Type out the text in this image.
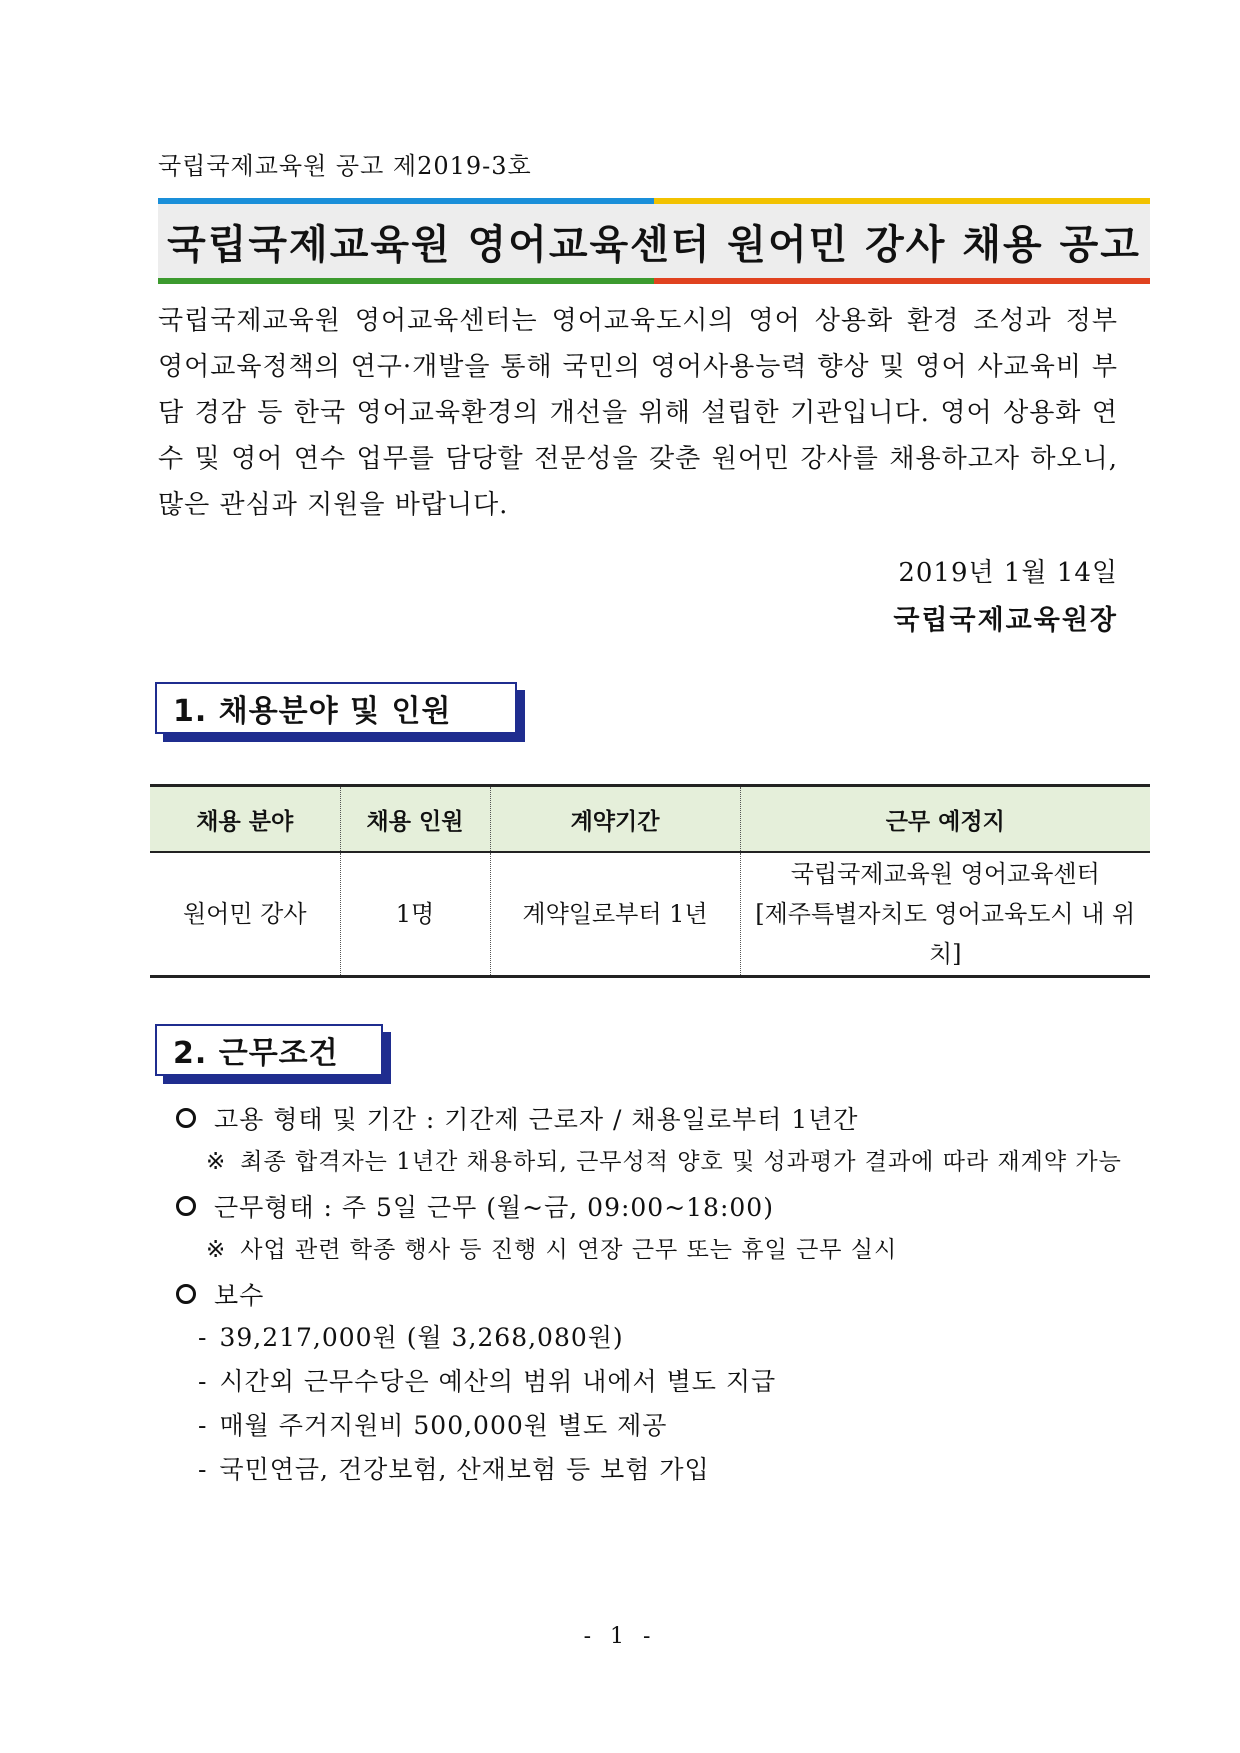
국립국제교육원 공고 제2019-3호
국립국제교육원 영어교육센터 원어민 강사 채용 공고
국립국제교육원 영어교육센터는 영어교육도시의 영어 상용화 환경 조성과 정부 영어교육정책의 연구·개발을 통해 국민의 영어사용능력 향상 및 영어 사교육비 부담 경감 등 한국 영어교육환경의 개선을 위해 설립한 기관입니다. 영어 상용화 연수 및 영어 연수 업무를 담당할 전문성을 갖춘 원어민 강사를 채용하고자 하오니, 많은 관심과 지원을 바랍니다.
2019년 1월 14일
국립국제교육원장
1. 채용분야 및 인원
채용 분야	채용 인원	계약기간	근무 예정지
원어민 강사	1명	계약일로부터 1년	국립국제교육원 영어교육센터
[제주특별자치도 영어교육도시 내 위치]
2. 근무조건
고용 형태 및 기간 : 기간제 근로자 / 채용일로부터 1년간
※ 최종 합격자는 1년간 채용하되, 근무성적 양호 및 성과평가 결과에 따라 재계약 가능
근무형태 : 주 5일 근무 (월~금, 09:00~18:00)
※ 사업 관련 학종 행사 등 진행 시 연장 근무 또는 휴일 근무 실시
보수
- 39,217,000원 (월 3,268,080원)
- 시간외 근무수당은 예산의 범위 내에서 별도 지급
- 매월 주거지원비 500,000원 별도 제공
- 국민연금, 건강보험, 산재보험 등 보험 가입
- 1 -
